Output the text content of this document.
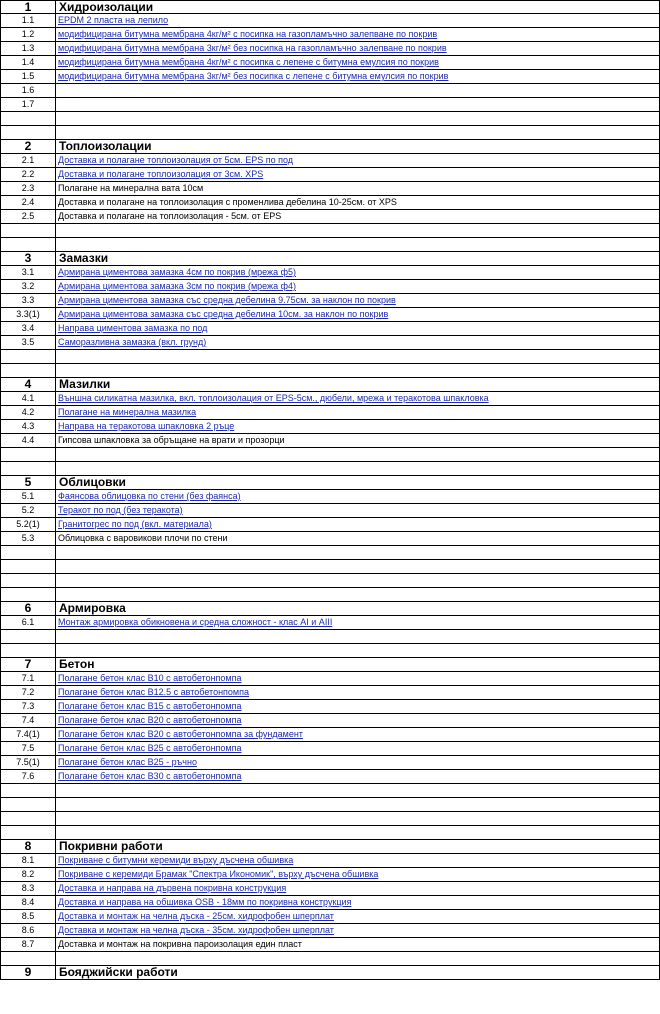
1	Хидроизолации
1.1	EPDM 2 пласта на лепило
1.2	модифицирана битумна мембрана 4кг/м² с посипка на газопламъчно залепване по покрив
1.3	модифицирана битумна мембрана 3кг/м² без посипка на газопламъчно залепване по покрив
1.4	модифицирана битумна мембрана 4кг/м² с посипка с лепене с битумна емулсия по покрив
1.5	модифицирана битумна мембрана 3кг/м² без посипка с лепене с битумна емулсия по покрив
1.6
1.7
2	Топлоизолации
2.1	Доставка и полагане топлоизолация от 5см. EPS по под
2.2	Доставка и полагане топлоизолация от 3см. XPS
2.3	Полагане на минерална вата 10см
2.4	Доставка и полагане на топлоизолация с променлива дебелина 10-25см. от XPS
2.5	Доставка и полагане на топлоизолация - 5см. от EPS
3	Замазки
3.1	Армирана циментова замазка 4см по покрив (мрежа ф5)
3.2	Армирана циментова замазка 3см по покрив (мрежа ф4)
3.3	Армирана циментова замазка със средна дебелина 9.75см. за наклон по покрив
3.3(1)	Армирана циментова замазка със средна дебелина 10см. за наклон по покрив
3.4	Направа циментова замазка по под
3.5	Саморазливна замазка (вкл. грунд)
4	Мазилки
4.1	Външна силикатна мазилка, вкл. топлоизолация от EPS-5см., дюбели, мрежа и теракотова шпакловка
4.2	Полагане на минерална мазилка
4.3	Направа на теракотова шпакловка 2 ръце
4.4	Гипсова шпакловка за обръщане на врати и прозорци
5	Облицовки
5.1	Фаянсова облицовка по стени (без фаянса)
5.2	Теракот по под (без теракота)
5.2(1)	Гранитогрес по под (вкл. материала)
5.3	Облицовка с варовикови плочи по стени
6	Армировка
6.1	Монтаж армировка обикновена и средна сложност - клас AI и AIII
7	Бетон
7.1	Полагане бетон клас В10 с автобетонпомпа
7.2	Полагане бетон клас В12.5 с автобетонпомпа
7.3	Полагане бетон клас В15 с автобетонпомпа
7.4	Полагане бетон клас В20 с автобетонпомпа
7.4(1)	Полагане бетон клас В20 с автобетонпомпа за фундамент
7.5	Полагане бетон клас В25 с автобетонпомпа
7.5(1)	Полагане бетон клас В25 - ръчно
7.6	Полагане бетон клас В30 с автобетонпомпа
8	Покривни работи
8.1	Покриване с битумни керемиди върху дъсчена обшивка
8.2	Покриване с керемиди Брамак "Спектра Икономик", върху дъсчена обшивка
8.3	Доставка и направа на дървена покривна конструкция
8.4	Доставка и направа на обшивка OSB - 18мм по покривна конструкция
8.5	Доставка и монтаж на челна дъска - 25см. хидрофобен шперплат
8.6	Доставка и монтаж на челна дъска - 35см. хидрофобен шперплат
8.7	Доставка и монтаж на покривна пароизолация един пласт
9	Бояджийски работи
